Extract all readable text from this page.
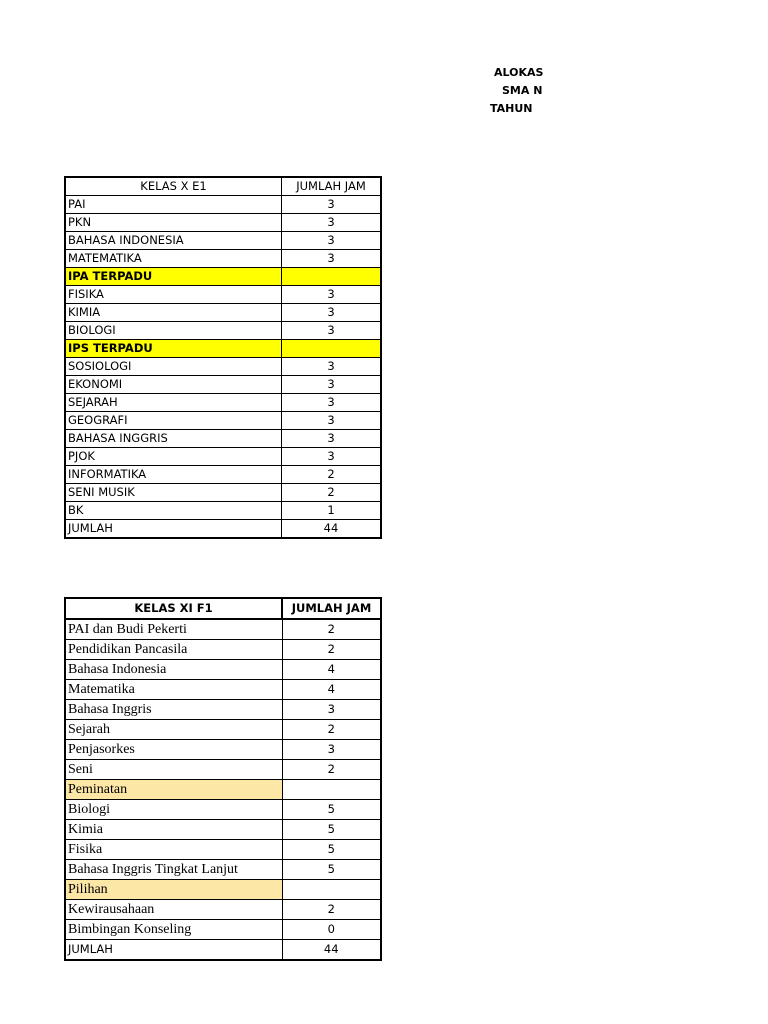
ALOKAS
SMA N
TAHUN
KELAS X E1	JUMLAH JAM
PAI	3
PKN	3
BAHASA INDONESIA	3
MATEMATIKA	3
IPA TERPADU	
FISIKA	3
KIMIA	3
BIOLOGI	3
IPS TERPADU	
SOSIOLOGI	3
EKONOMI	3
SEJARAH	3
GEOGRAFI	3
BAHASA INGGRIS	3
PJOK	3
INFORMATIKA	2
SENI MUSIK	2
BK	1
JUMLAH	44
KELAS XI F1	JUMLAH JAM
PAI dan Budi Pekerti	2
Pendidikan Pancasila	2
Bahasa Indonesia	4
Matematika	4
Bahasa Inggris	3
Sejarah	2
Penjasorkes	3
Seni	2
Peminatan	
Biologi	5
Kimia	5
Fisika	5
Bahasa Inggris Tingkat Lanjut	5
Pilihan	
Kewirausahaan	2
Bimbingan Konseling	0
JUMLAH	44
